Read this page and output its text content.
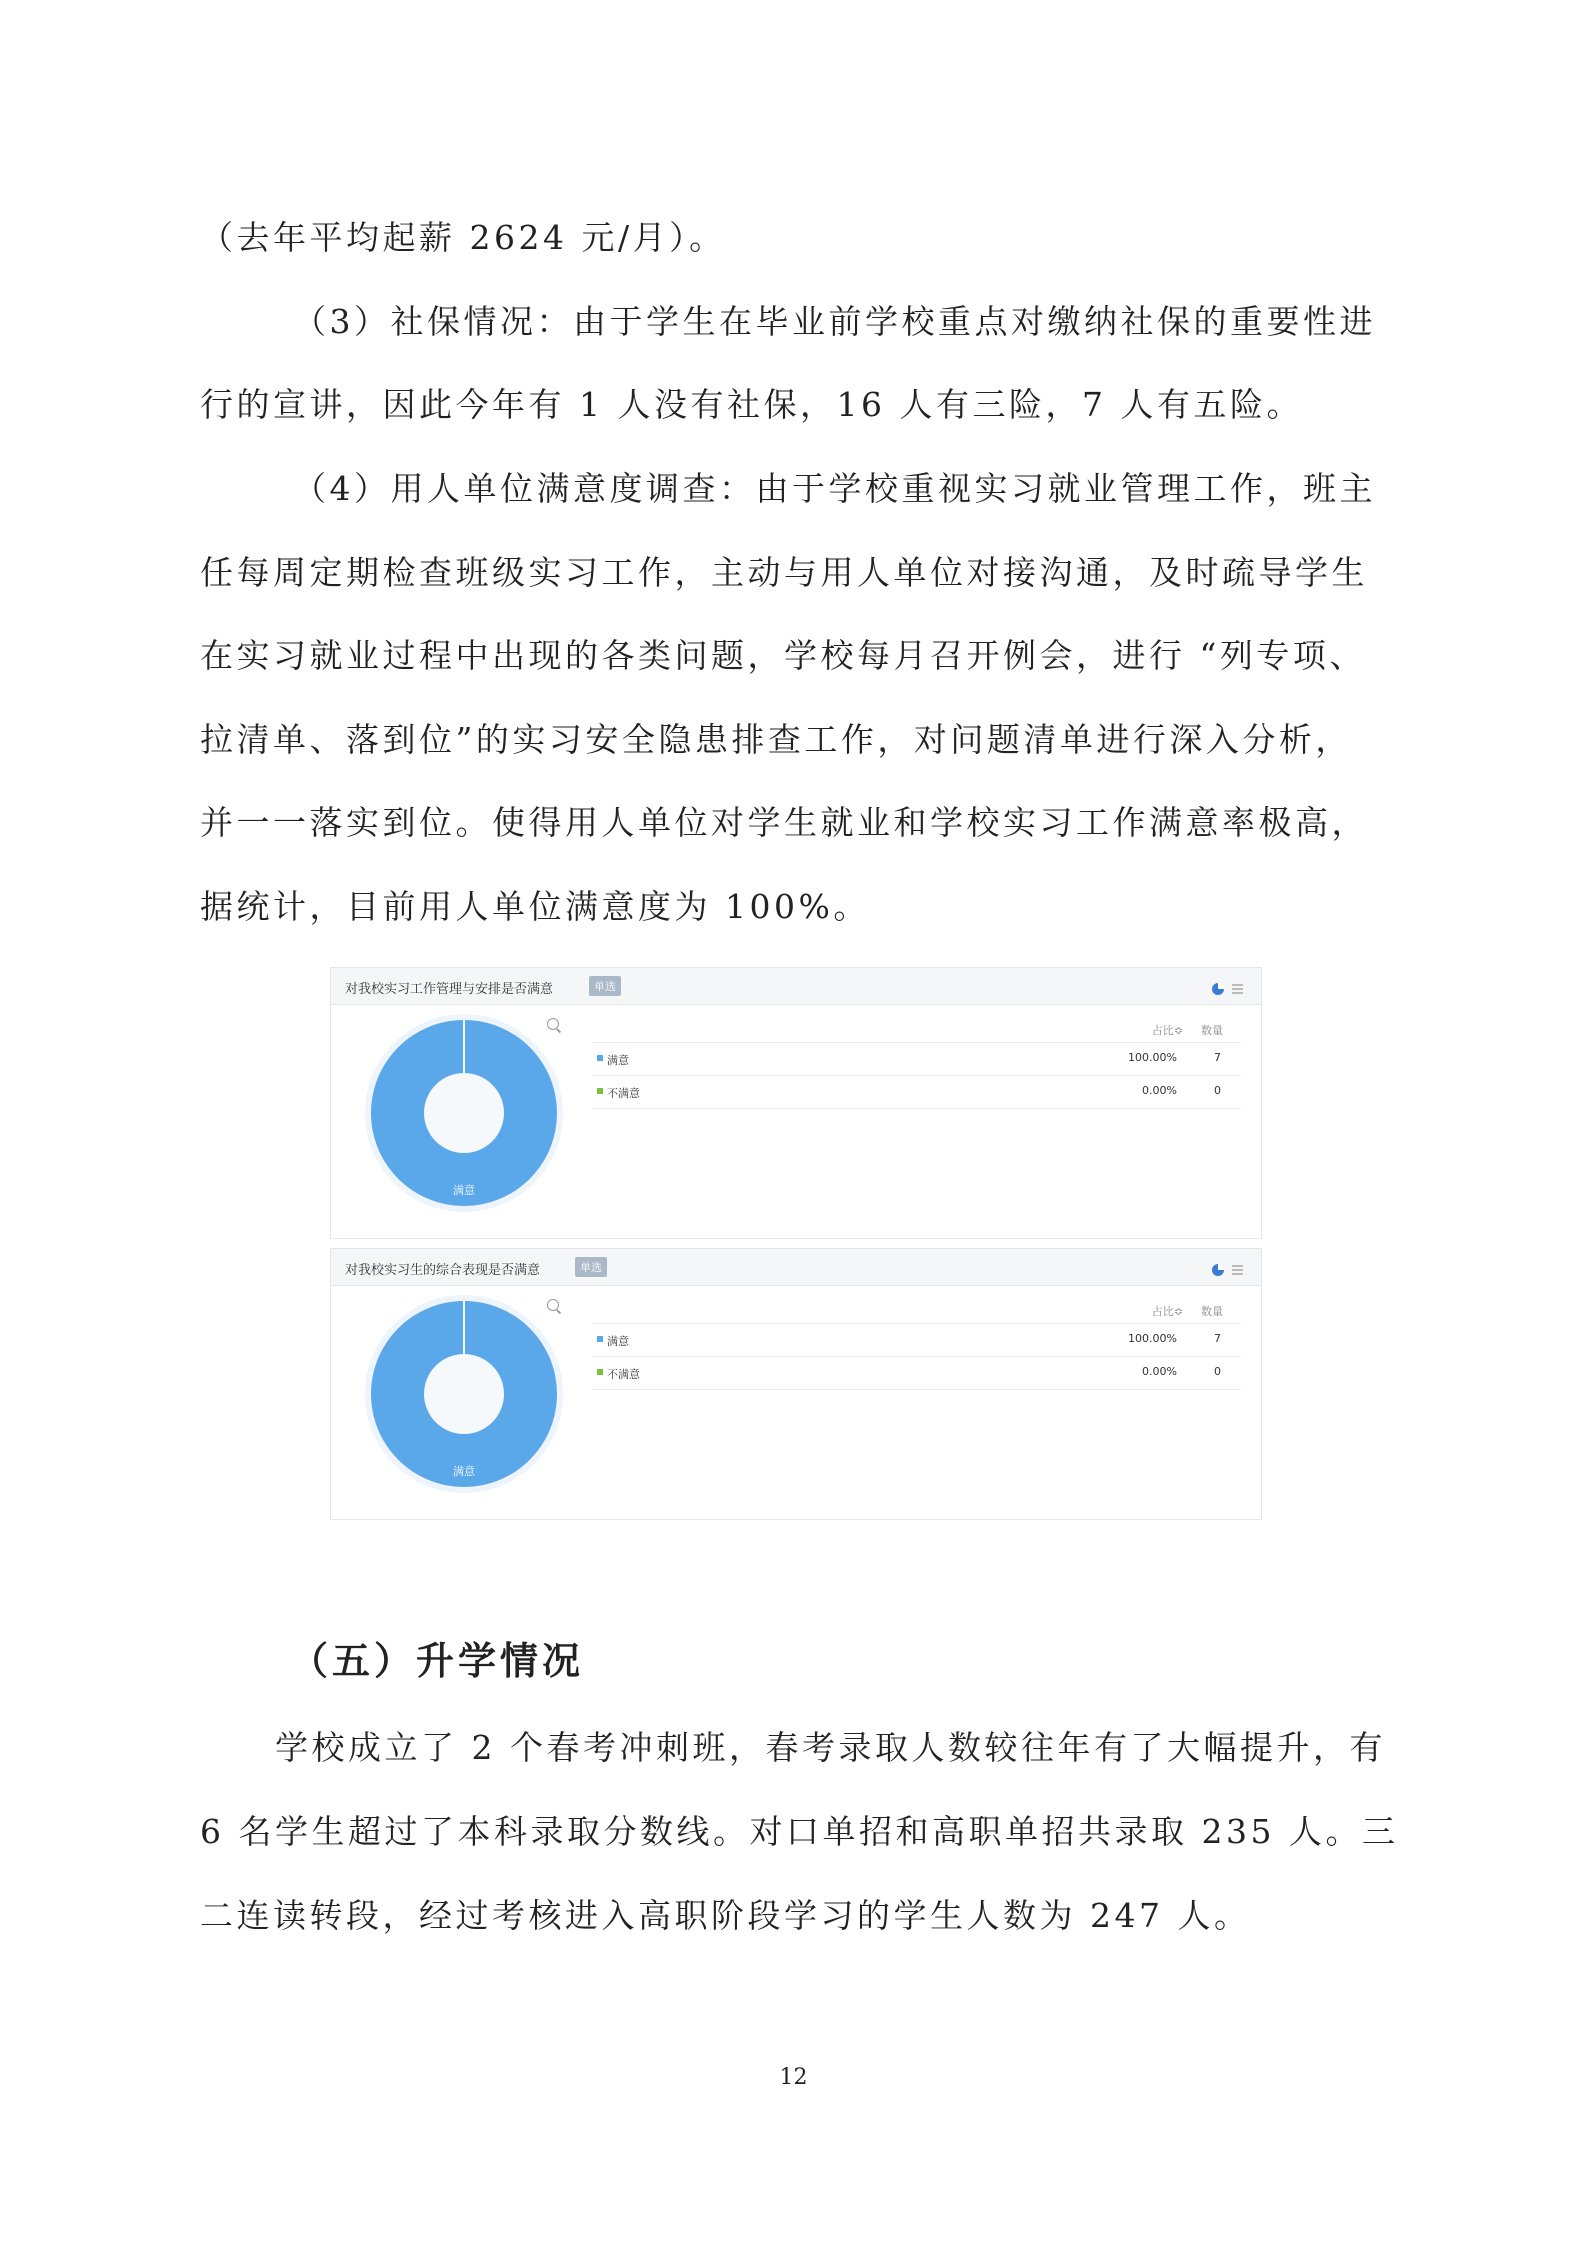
（去年平均起薪 2624 元/月）。

（3）社保情况：由于学生在毕业前学校重点对缴纳社保的重要性进

行的宣讲，因此今年有 1 人没有社保，16 人有三险，7 人有五险。

（4）用人单位满意度调查：由于学校重视实习就业管理工作，班主

任每周定期检查班级实习工作，主动与用人单位对接沟通，及时疏导学生

在实习就业过程中出现的各类问题，学校每月召开例会，进行 “列专项、

拉清单、落到位”的实习安全隐患排查工作，对问题清单进行深入分析，

并一一落实到位。使得用人单位对学生就业和学校实习工作满意率极高，

据统计，目前用人单位满意度为 100%。

对我校实习工作管理与安排是否满意	单选
满意
占比≎ 数量
满意	100.00%	7
不满意	0.00%	0
对我校实习生的综合表现是否满意	单选
满意
占比≎ 数量
满意	100.00%	7
不满意	0.00%	0
（五）升学情况

学校成立了 2 个春考冲刺班，春考录取人数较往年有了大幅提升，有

6 名学生超过了本科录取分数线。对口单招和高职单招共录取 235 人。三

二连读转段，经过考核进入高职阶段学习的学生人数为 247 人。

12
